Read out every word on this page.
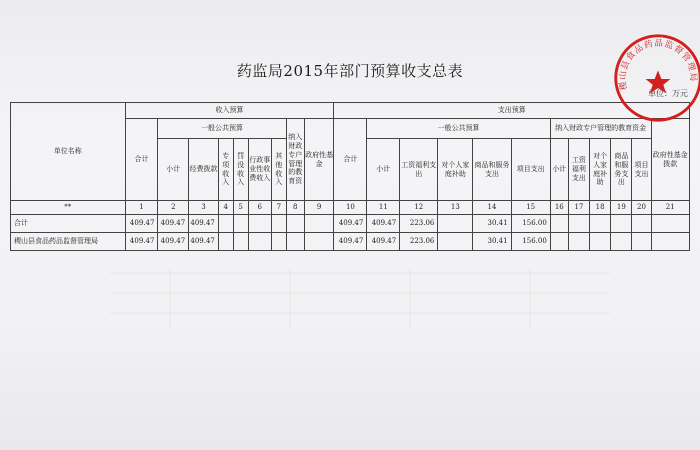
药监局2015年部门预算收支总表
单位：万元
单位名称	收入预算									支出预算											
	合计	一般公共预算						纳入财政专户管理的教育资	政府性基金	合计	一般公共预算					纳入财政专户管理的教育资金					政府性基金拨款
		小计	经费拨款	专项收入	罚没收入	行政事业性收费收入	其他收入				小计	工资福利支出	对个人家庭补助	商品和服务支出	项目支出	小计	工资福利支出	对个人家庭补助	商品和服务支出	项目支出	
**	1	2	3	4	5	6	7	8	9	10	11	12	13	14	15	16	17	18	19	20	21
合计	409.47	409.47	409.47							409.47	409.47	223.06		30.41	156.00						
稷山县食品药品监督管理局	409.47	409.47	409.47							409.47	409.47	223.06		30.41	156.00						
稷山县食品药品监督管理局
